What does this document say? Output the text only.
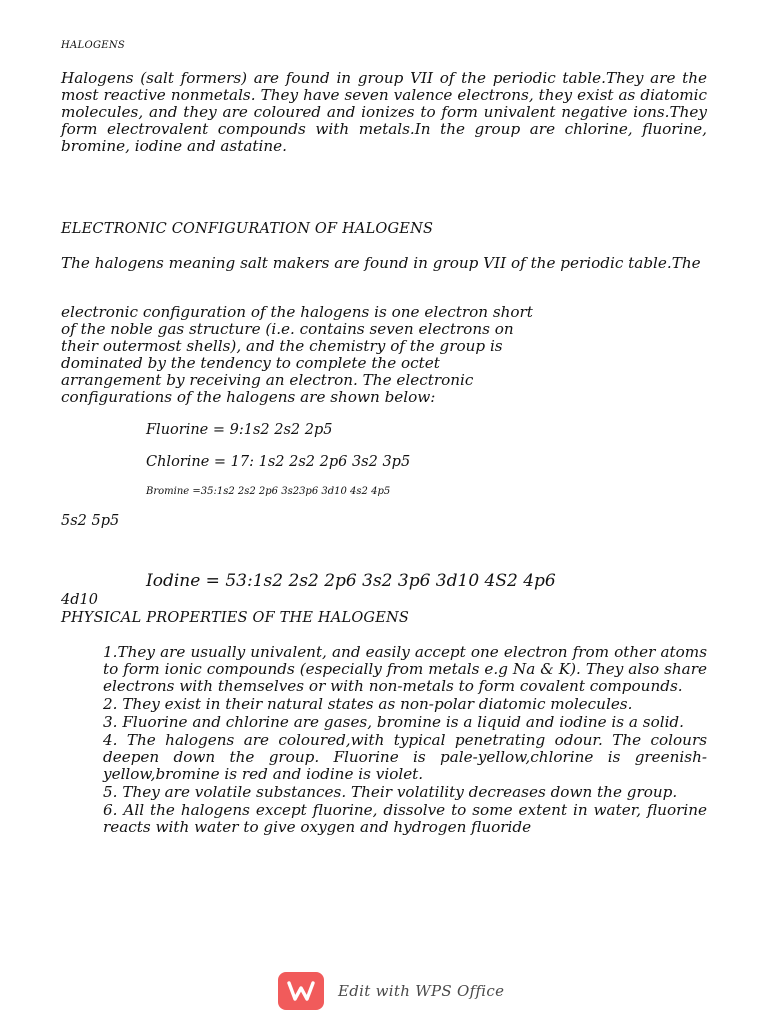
HALOGENS
Halogens (salt formers) are found in group VII of the periodic table.They are the most reactive nonmetals. They have seven valence electrons, they exist as diatomic molecules, and they are coloured and ionizes to form univalent negative ions.They form electrovalent compounds with metals.In the group are chlorine, fluorine, bromine, iodine and astatine.
ELECTRONIC CONFIGURATION OF HALOGENS
The halogens meaning salt makers are found in group VII of the periodic table.The
electronic configuration of the halogens is one electron short
of the noble gas structure (i.e. contains seven electrons on
their outermost shells), and the chemistry of the group is
dominated by the tendency to complete the octet
arrangement by receiving an electron. The electronic
configurations of the halogens are shown below:
Fluorine = 9:1s2 2s2 2p5
Chlorine = 17: 1s2 2s2 2p6 3s2 3p5
Bromine =35:1s2 2s2 2p6 3s23p6 3d10 4s2 4p5
5s2 5p5
Iodine = 53:1s2 2s2 2p6 3s2 3p6 3d10 4S2 4p6
4d10
PHYSICAL PROPERTIES OF THE HALOGENS

1.They are usually univalent, and easily accept one electron from other atoms to form ionic compounds (especially from metals e.g Na & K). They also share electrons with themselves or with non-metals to form covalent compounds.

2. They exist in their natural states as non-polar diatomic molecules.

3. Fluorine and chlorine are gases, bromine is a liquid and iodine is a solid.

4. The halogens are coloured,with typical penetrating odour. The colours deepen down the group. Fluorine is pale-yellow,chlorine is greenish-yellow,bromine is red and iodine is violet.

5. They are volatile substances. Their volatility decreases down the group.

6. All the halogens except fluorine, dissolve to some extent in water, fluorine reacts with water to give oxygen and hydrogen fluoride

Edit with WPS Office
